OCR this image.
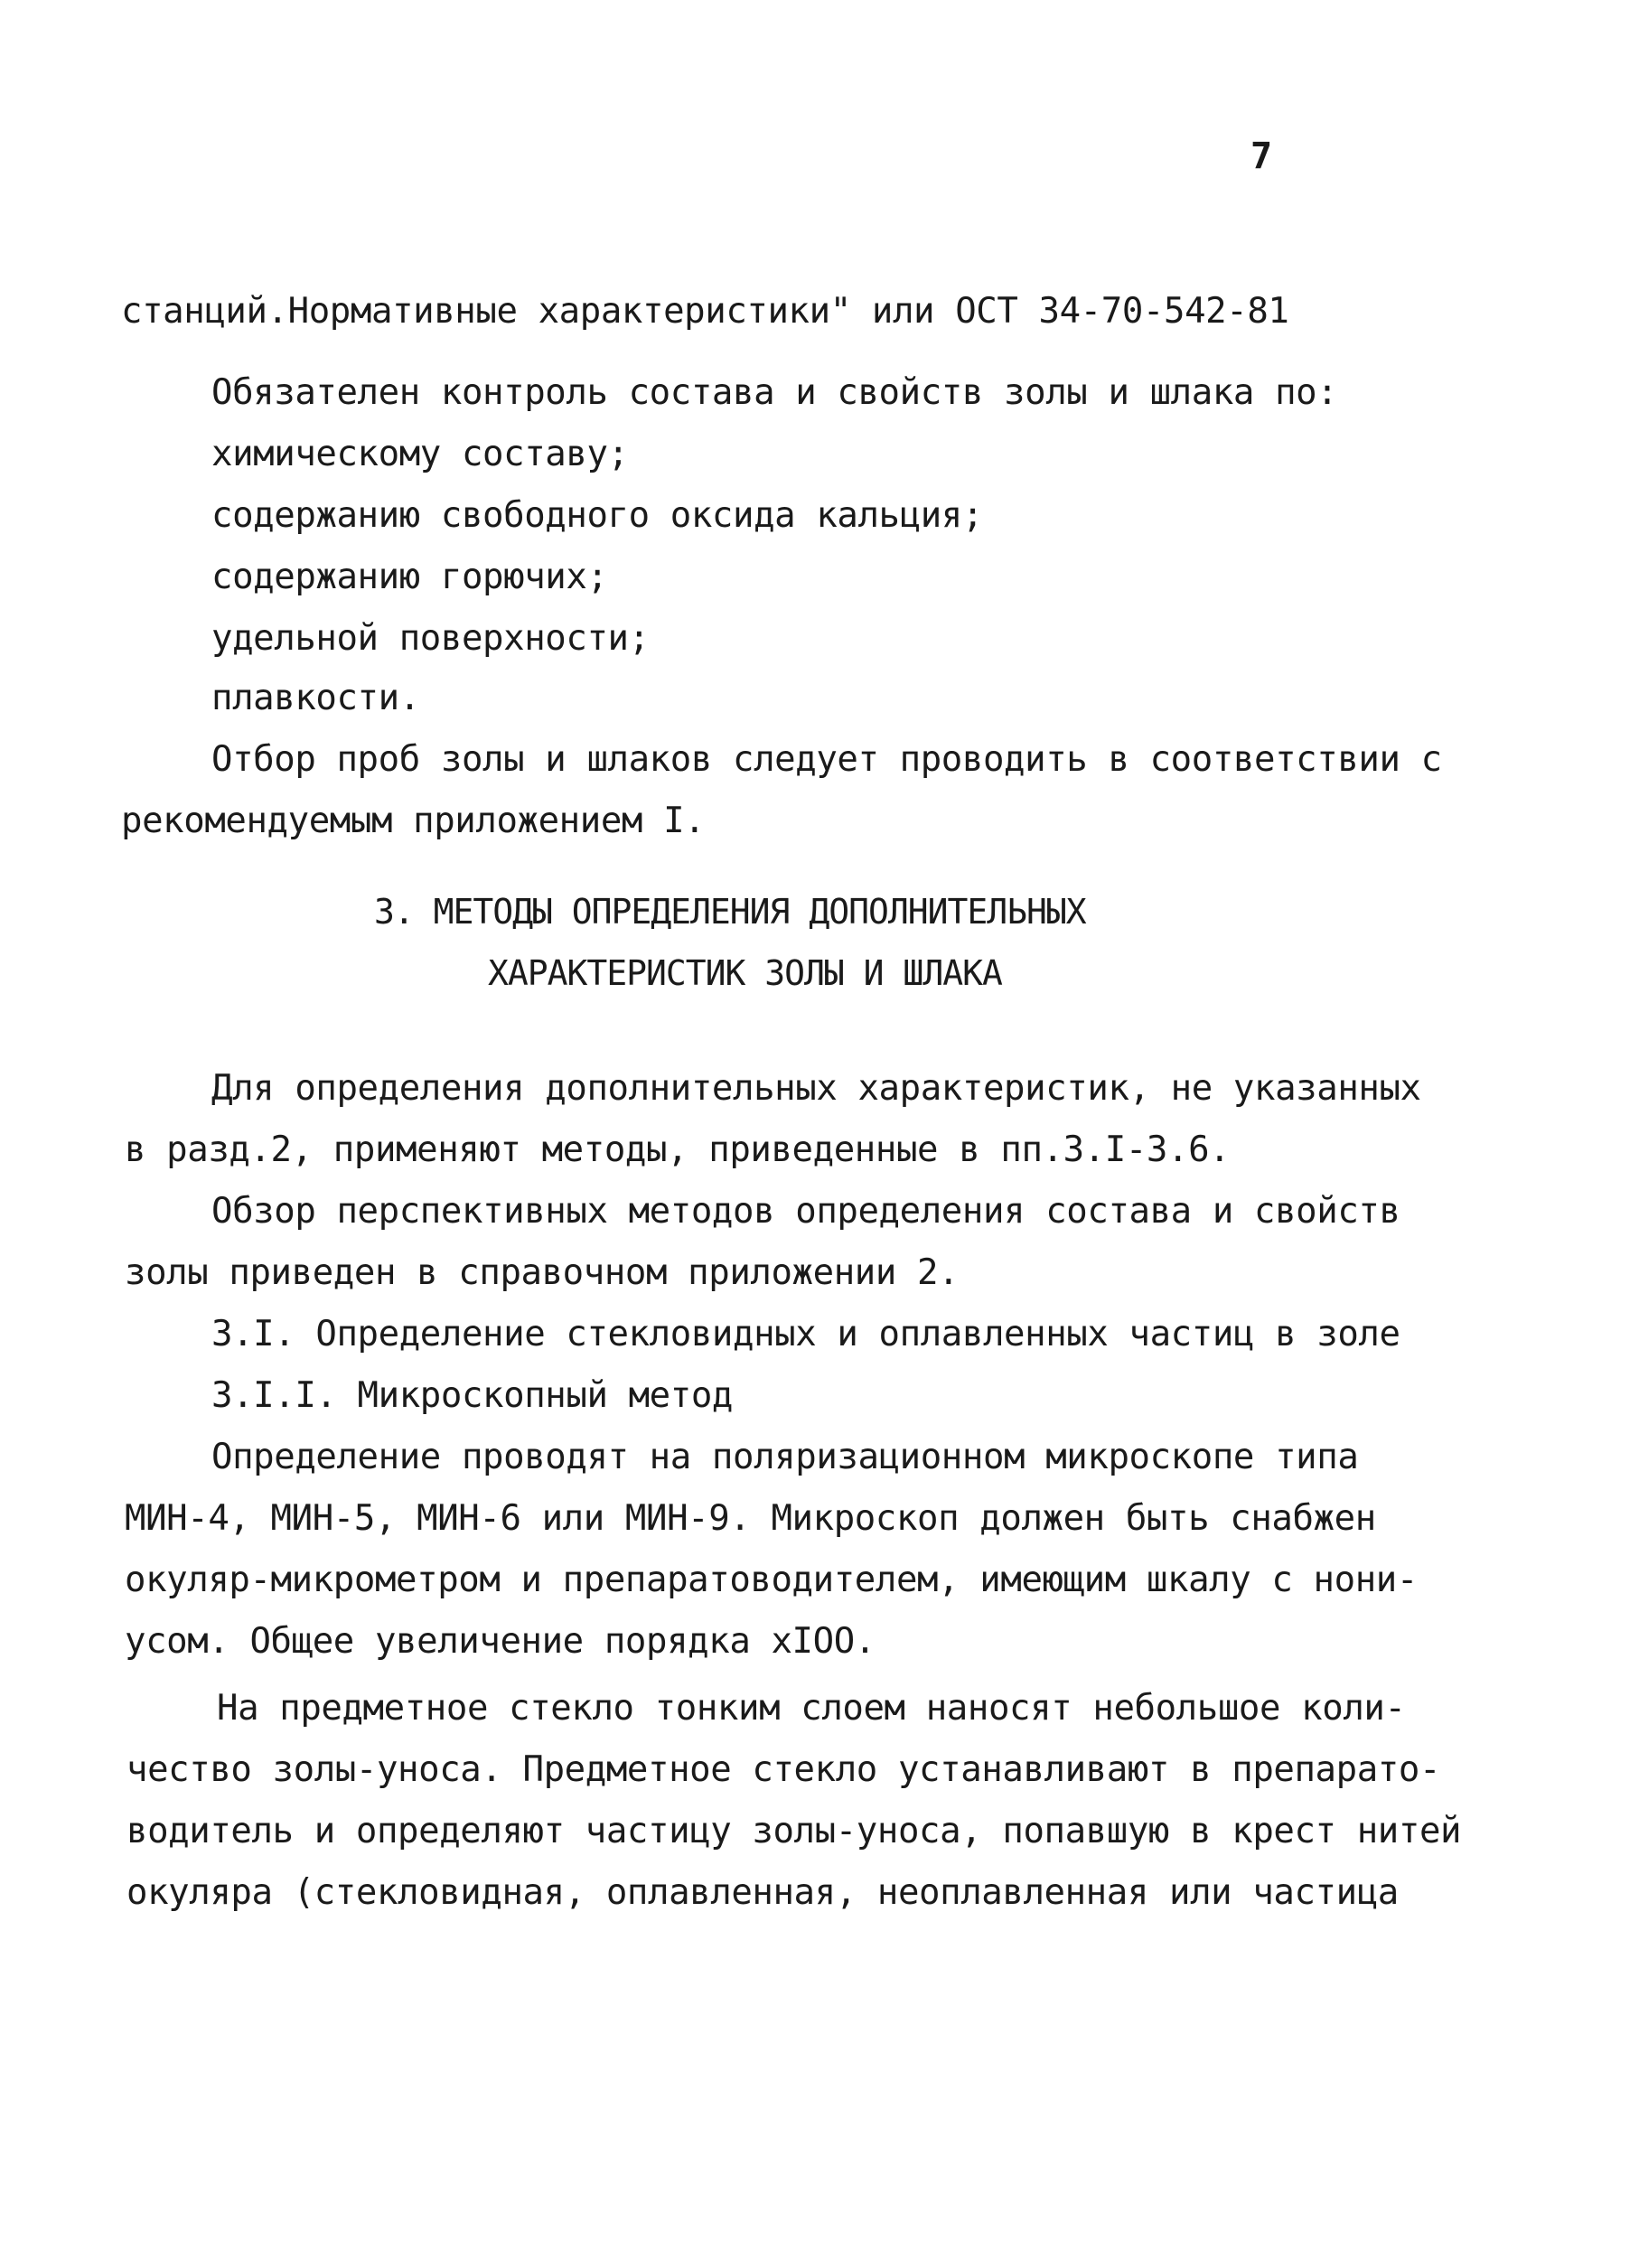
7
станций.Нормативные характеристики" или ОСТ 34-70-542-81
Обязателен контроль состава и свойств золы и шлака по:
химическому составу;
содержанию свободного оксида кальция;
содержанию горючих;
удельной поверхности;
плавкости.
Отбор проб золы и шлаков следует проводить в соответствии с
рекомендуемым приложением I.
3. МЕТОДЫ ОПРЕДЕЛЕНИЯ ДОПОЛНИТЕЛЬНЫХ
ХАРАКТЕРИСТИК ЗОЛЫ И ШЛАКА
Для определения дополнительных характеристик, не указанных
в разд.2, применяют методы, приведенные в пп.3.I-3.6.
Обзор перспективных методов определения состава и свойств
золы приведен в справочном приложении 2.
3.I. Определение стекловидных и оплавленных частиц в золе
3.I.I. Микроскопный метод
Определение проводят на поляризационном микроскопе типа
МИН-4, МИН-5, МИН-6 или МИН-9. Микроскоп должен быть снабжен
окуляр-микрометром и препаратоводителем, имеющим шкалу с нони-
усом. Общее увеличение порядка хIOO.
На предметное стекло тонким слоем наносят небольшое коли-
чество золы-уноса. Предметное стекло устанавливают в препарато-
водитель и определяют частицу золы-уноса, попавшую в крест нитей
окуляра (стекловидная, оплавленная, неоплавленная или частица
